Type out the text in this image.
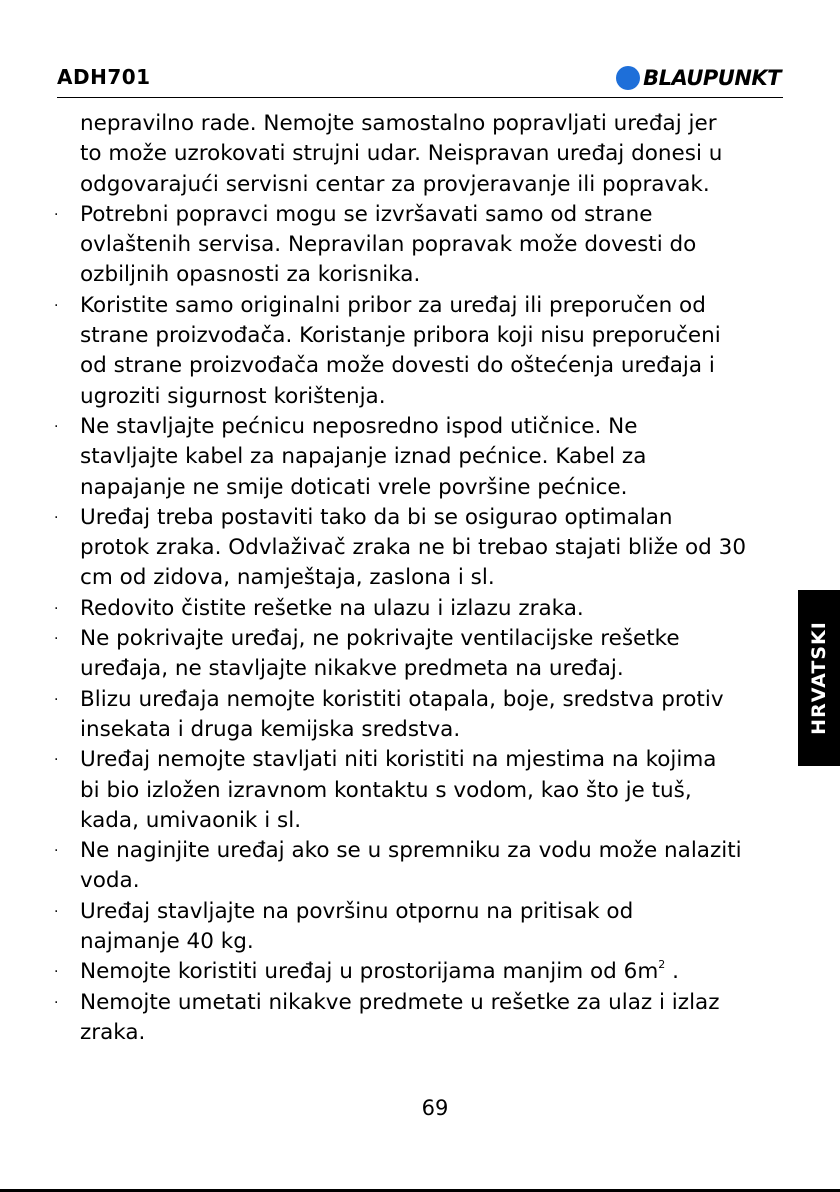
ADH701	BLAUPUNKT
nepravilno rade. Nemojte samostalno popravljati uređaj jer
to može uzrokovati strujni udar. Neispravan uređaj donesi u
odgovarajući servisni centar za provjeravanje ili popravak.
· Potrebni popravci mogu se izvršavati samo od strane
ovlaštenih servisa. Nepravilan popravak može dovesti do
ozbiljnih opasnosti za korisnika.
· Koristite samo originalni pribor za uređaj ili preporučen od
strane proizvođača. Koristanje pribora koji nisu preporučeni
od strane proizvođača može dovesti do oštećenja uređaja i
ugroziti sigurnost korištenja.
· Ne stavljajte pećnicu neposredno ispod utičnice. Ne
stavljajte kabel za napajanje iznad pećnice. Kabel za
napajanje ne smije doticati vrele površine pećnice.
· Uređaj treba postaviti tako da bi se osigurao optimalan
protok zraka. Odvlaživač zraka ne bi trebao stajati bliže od 30
cm od zidova, namještaja, zaslona i sl.
· Redovito čistite rešetke na ulazu i izlazu zraka.
· Ne pokrivajte uređaj, ne pokrivajte ventilacijske rešetke
uređaja, ne stavljajte nikakve predmeta na uređaj.
· Blizu uređaja nemojte koristiti otapala, boje, sredstva protiv
insekata i druga kemijska sredstva.
· Uređaj nemojte stavljati niti koristiti na mjestima na kojima
bi bio izložen izravnom kontaktu s vodom, kao što je tuš,
kada, umivaonik i sl.
· Ne naginjite uređaj ako se u spremniku za vodu može nalaziti
voda.
· Uređaj stavljajte na površinu otpornu na pritisak od
najmanje 40 kg.
· Nemojte koristiti uređaj u prostorijama manjim od $6m^2$ .
· Nemojte umetati nikakve predmete u rešetke za ulaz i izlaz
zraka.
HRVATSKI
69
